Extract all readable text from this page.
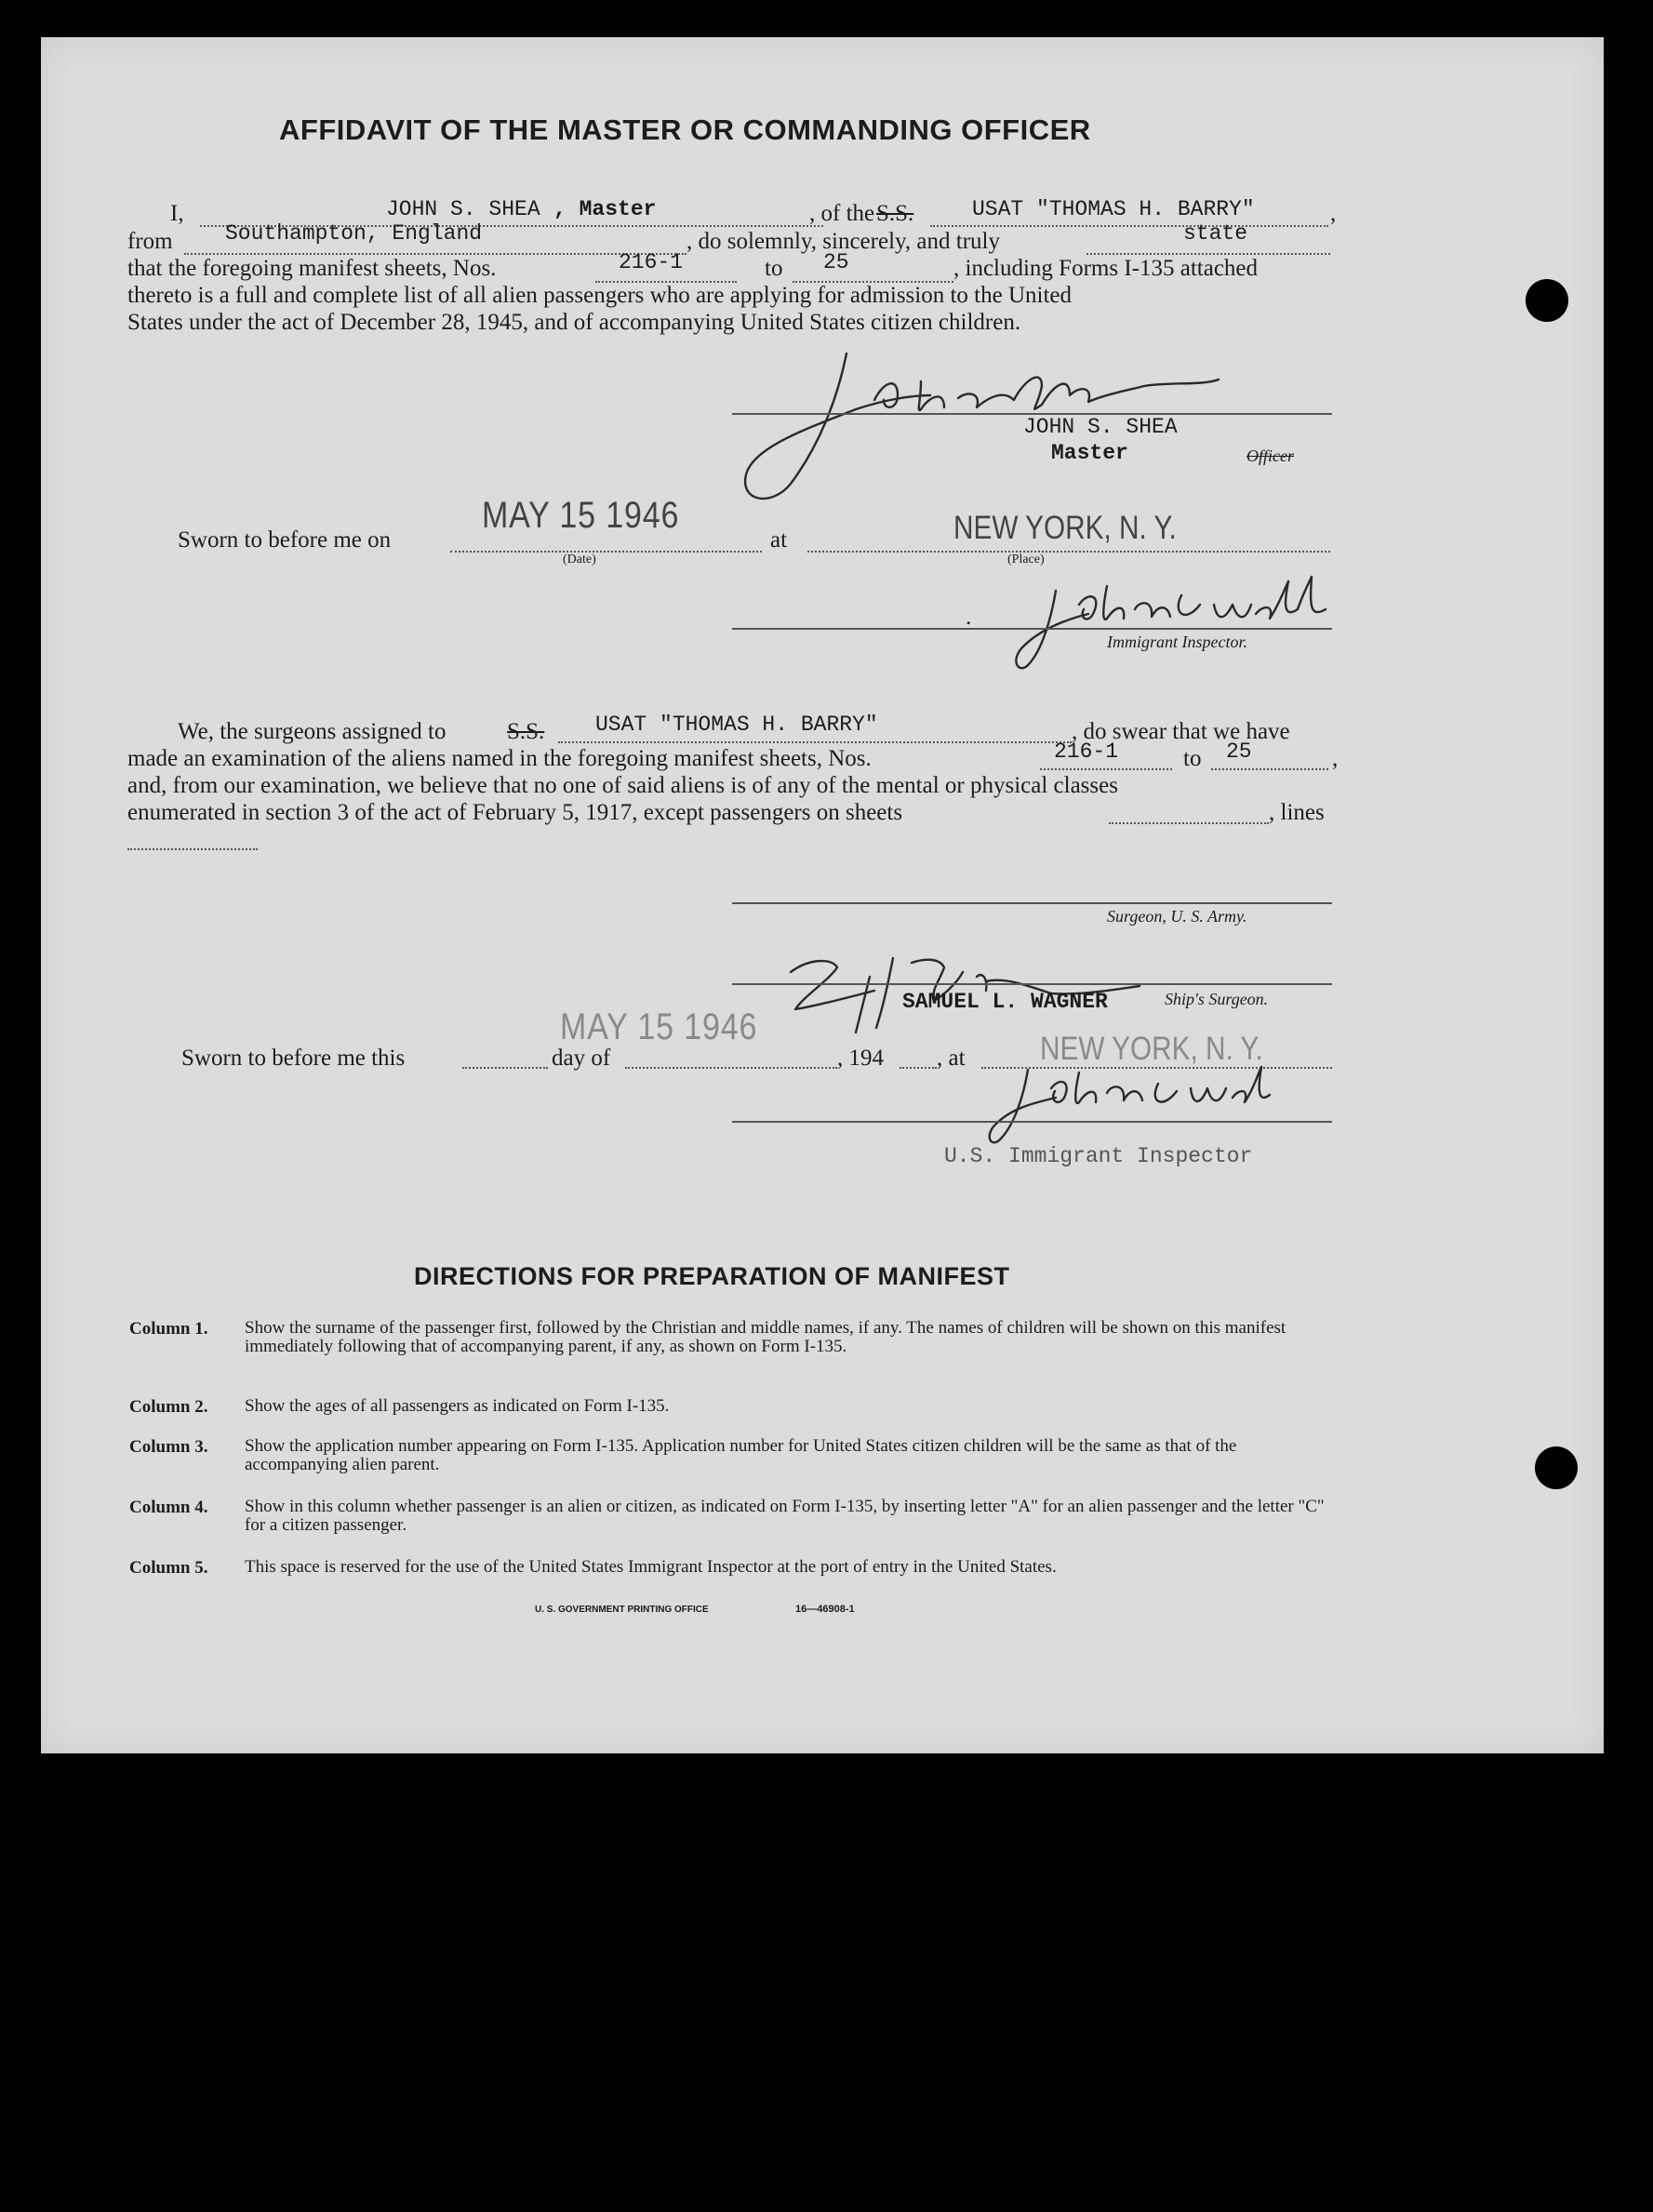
AFFIDAVIT OF THE MASTER OR COMMANDING OFFICER
I,	JOHN S. SHEA , Master	, of the S.S.	USAT "THOMAS H. BARRY"	,
from Southampton, England	, do solemnly, sincerely, and truly	state
that the foregoing manifest sheets, Nos.	216-1	to 25	, including Forms I-135 attached
thereto is a full and complete list of all alien passengers who are applying for admission to the United
States under the act of December 28, 1945, and of accompanying United States citizen children.
JOHN S. SHEA
Master	Officer
Sworn to before me on
MAY 15 1946
(Date)
at	NEW YORK, N. Y.
(Place)
.
Immigrant Inspector.
We, the surgeons assigned to	S.S. USAT "THOMAS H. BARRY"	, do swear that we have
made an examination of the aliens named in the foregoing manifest sheets, Nos.	216-1	to 25	,
and, from our examination, we believe that no one of said aliens is of any of the mental or physical classes
enumerated in section 3 of the act of February 5, 1917, except passengers on sheets	, lines
Surgeon, U. S. Army.
SAMUEL L. WAGNER	Ship's Surgeon.
MAY 15 1946
Sworn to before me this	day of	, 194 , at NEW YORK, N. Y.
U.S. Immigrant Inspector
DIRECTIONS FOR PREPARATION OF MANIFEST
Column 1. Show the surname of the passenger first, followed by the Christian and middle names, if any. The names of children will be shown on this manifest immediately following that of accompanying parent, if any, as shown on Form I-135.
Column 2. Show the ages of all passengers as indicated on Form I-135.
Column 3. Show the application number appearing on Form I-135. Application number for United States citizen children will be the same as that of the accompanying alien parent.
Column 4. Show in this column whether passenger is an alien or citizen, as indicated on Form I-135, by inserting letter "A" for an alien passenger and the letter "C" for a citizen passenger.
Column 5. This space is reserved for the use of the United States Immigrant Inspector at the port of entry in the United States.
U. S. GOVERNMENT PRINTING OFFICE	16—46908-1
